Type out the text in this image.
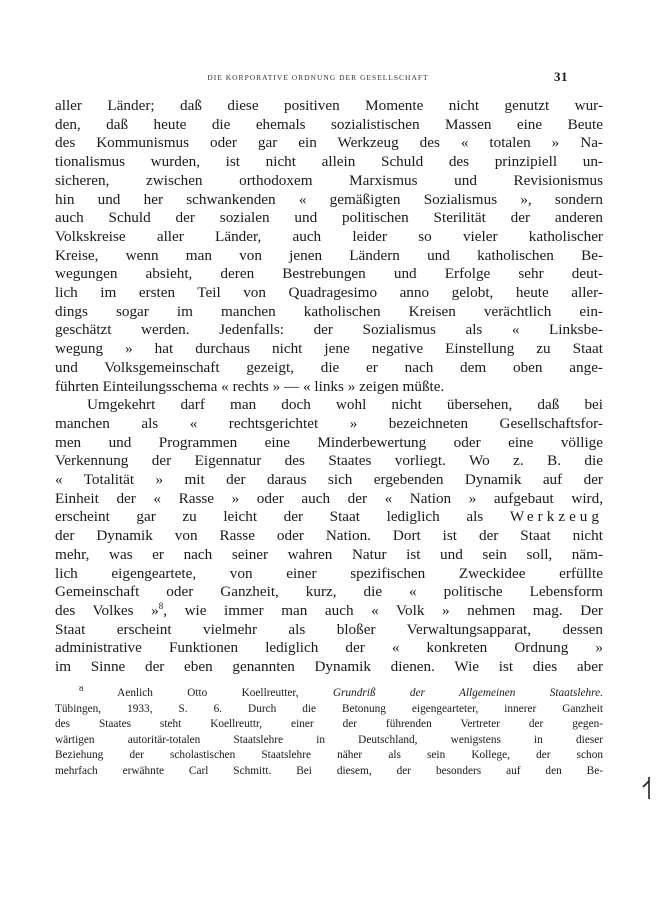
DIE KORPORATIVE ORDNUNG DER GESELLSCHAFT	31
aller Länder; daß diese positiven Momente nicht genutzt wur-
den, daß heute die ehemals sozialistischen Massen eine Beute
des Kommunismus oder gar ein Werkzeug des « totalen » Na-
tionalismus wurden, ist nicht allein Schuld des prinzipiell un-
sicheren, zwischen orthodoxem Marxismus und Revisionismus
hin und her schwankenden « gemäßigten Sozialismus », sondern
auch Schuld der sozialen und politischen Sterilität der anderen
Volkskreise aller Länder, auch leider so vieler katholischer
Kreise, wenn man von jenen Ländern und katholischen Be-
wegungen absieht, deren Bestrebungen und Erfolge sehr deut-
lich im ersten Teil von Quadragesimo anno gelobt, heute aller-
dings sogar im manchen katholischen Kreisen verächtlich ein-
geschätzt werden. Jedenfalls: der Sozialismus als « Linksbe-
wegung » hat durchaus nicht jene negative Einstellung zu Staat
und Volksgemeinschaft gezeigt, die er nach dem oben ange-
führten Einteilungsschema « rechts » — « links » zeigen müßte.
Umgekehrt darf man doch wohl nicht übersehen, daß bei
manchen als « rechtsgerichtet » bezeichneten Gesellschaftsfor-
men und Programmen eine Minderbewertung oder eine völlige
Verkennung der Eigennatur des Staates vorliegt. Wo z. B. die
« Totalität » mit der daraus sich ergebenden Dynamik auf der
Einheit der « Rasse » oder auch der « Nation » aufgebaut wird,
erscheint gar zu leicht der Staat lediglich als Werkzeug
der Dynamik von Rasse oder Nation. Dort ist der Staat nicht
mehr, was er nach seiner wahren Natur ist und sein soll, näm-
lich eigengeartete, von einer spezifischen Zweckidee erfüllte
Gemeinschaft oder Ganzheit, kurz, die « politische Lebensform
des Volkes »$^8$, wie immer man auch « Volk » nehmen mag. Der
Staat erscheint vielmehr als bloßer Verwaltungsapparat, dessen
administrative Funktionen lediglich der « konkreten Ordnung »
im Sinne der eben genannten Dynamik dienen. Wie ist dies aber
$^8$	Aenlich Otto Koellreutter,	Grundriß der Allgemeinen Staatslehre.
Tübingen, 1933, S. 6. Durch die Betonung eigengearteter, innerer Ganzheit
des Staates steht Koellreuttr, einer der führenden Vertreter der gegen-
wärtigen autoritär-totalen Staatslehre in Deutschland, wenigstens in dieser
Beziehung der scholastischen Staatslehre näher als sein Kollege, der schon
mehrfach erwähnte Carl Schmitt. Bei diesem, der besonders auf den Be-
